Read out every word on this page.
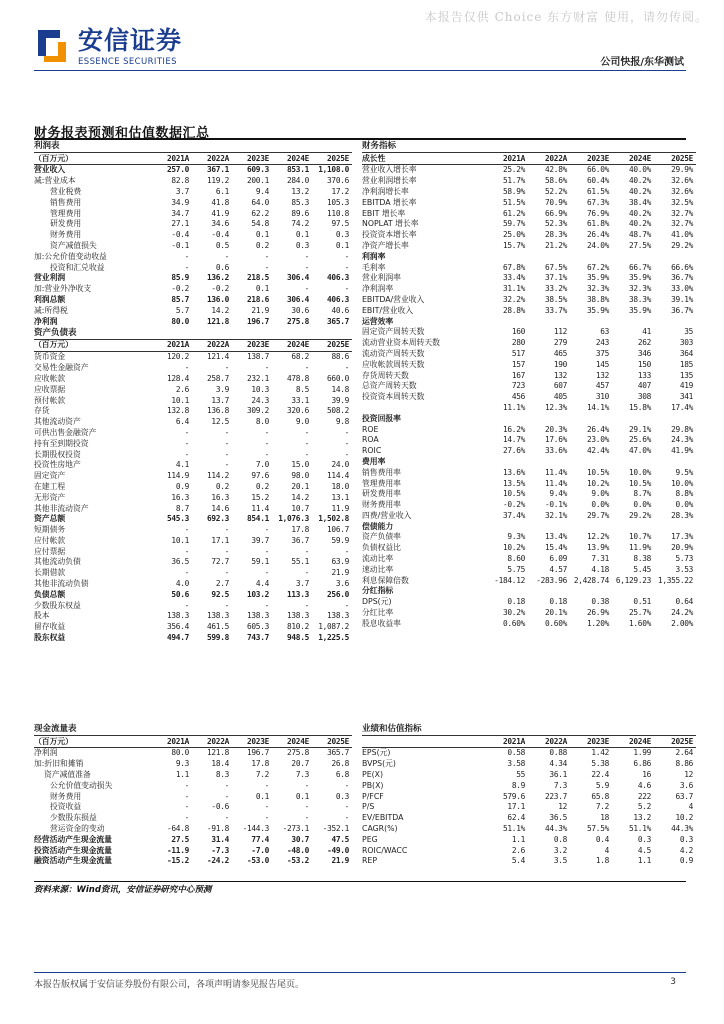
本报告仅供 Choice 东方财富 使用，请勿传阅。
安信证券
ESSENCE SECURITIES	公司快报/东华测试
财务报表预测和估值数据汇总
利润表					
（百万元）	2021A	2022A	2023E	2024E	2025E
营业收入	257.0	367.1	609.3	853.1	1,108.0
减:营业成本	82.8	119.2	200.1	284.0	370.6
营业税费	3.7	6.1	9.4	13.2	17.2
销售费用	34.9	41.8	64.0	85.3	105.3
管理费用	34.7	41.9	62.2	89.6	110.8
研发费用	27.1	34.6	54.8	74.2	97.5
财务费用	-0.4	-0.4	0.1	0.1	0.3
资产减值损失	-0.1	0.5	0.2	0.3	0.1
加:公允价值变动收益	-	-	-	-	-
投资和汇兑收益	-	0.6	-	-	-
营业利润	85.9	136.2	218.5	306.4	406.3
加:营业外净收支	-0.2	-0.2	0.1	-	-
利润总额	85.7	136.0	218.6	306.4	406.3
减:所得税	5.7	14.2	21.9	30.6	40.6
净利润	80.0	121.8	196.7	275.8	365.7
资产负债表					
（百万元）	2021A	2022A	2023E	2024E	2025E
货币资金	120.2	121.4	138.7	68.2	88.6
交易性金融资产	-	-	-	-	-
应收帐款	128.4	258.7	232.1	478.8	660.0
应收票据	2.6	3.9	10.3	8.5	14.8
预付帐款	10.1	13.7	24.3	33.1	39.9
存货	132.8	136.8	309.2	320.6	508.2
其他流动资产	6.4	12.5	8.0	9.0	9.8
可供出售金融资产	-	-	-	-	-
持有至到期投资	-	-	-	-	-
长期股权投资	-	-	-	-	-
投资性房地产	4.1	-	7.0	15.0	24.0
固定资产	114.9	114.2	97.6	98.0	114.4
在建工程	0.9	0.2	0.2	20.1	18.0
无形资产	16.3	16.3	15.2	14.2	13.1
其他非流动资产	8.7	14.6	11.4	10.7	11.9
资产总额	545.3	692.3	854.1	1,076.3	1,502.8
短期债务	-	-	-	17.8	106.7
应付帐款	10.1	17.1	39.7	36.7	59.9
应付票据	-	-	-	-	-
其他流动负债	36.5	72.7	59.1	55.1	63.9
长期借款	-	-	-	-	21.9
其他非流动负债	4.0	2.7	4.4	3.7	3.6
负债总额	50.6	92.5	103.2	113.3	256.0
少数股东权益	-	-	-	-	-
股本	138.3	138.3	138.3	138.3	138.3
留存收益	356.4	461.5	605.3	810.2	1,087.2
股东权益	494.7	599.8	743.7	948.5	1,225.5
财务指标					
成长性	2021A	2022A	2023E	2024E	2025E
营业收入增长率	25.2%	42.8%	66.0%	40.0%	29.9%
营业利润增长率	51.7%	58.6%	60.4%	40.2%	32.6%
净利润增长率	58.9%	52.2%	61.5%	40.2%	32.6%
EBITDA 增长率	51.5%	70.9%	67.3%	38.4%	32.5%
EBIT 增长率	61.2%	66.9%	76.9%	40.2%	32.7%
NOPLAT 增长率	59.7%	52.3%	61.8%	40.2%	32.7%
投资资本增长率	25.0%	28.3%	26.4%	48.7%	41.0%
净资产增长率	15.7%	21.2%	24.0%	27.5%	29.2%
利润率					
毛利率	67.8%	67.5%	67.2%	66.7%	66.6%
营业利润率	33.4%	37.1%	35.9%	35.9%	36.7%
净利润率	31.1%	33.2%	32.3%	32.3%	33.0%
EBITDA/营业收入	32.2%	38.5%	38.8%	38.3%	39.1%
EBIT/营业收入	28.8%	33.7%	35.9%	35.9%	36.7%
运营效率					
固定资产周转天数	160	112	63	41	35
流动营业资本周转天数	280	279	243	262	303
流动资产周转天数	517	465	375	346	364
应收帐款周转天数	157	190	145	150	185
存货周转天数	167	132	132	133	135
总资产周转天数	723	607	457	407	419
投资资本周转天数	456	405	310	308	341
	11.1%	12.3%	14.1%	15.8%	17.4%
投资回报率					
ROE	16.2%	20.3%	26.4%	29.1%	29.8%
ROA	14.7%	17.6%	23.0%	25.6%	24.3%
ROIC	27.6%	33.6%	42.4%	47.0%	41.9%
费用率					
销售费用率	13.6%	11.4%	10.5%	10.0%	9.5%
管理费用率	13.5%	11.4%	10.2%	10.5%	10.0%
研发费用率	10.5%	9.4%	9.0%	8.7%	8.8%
财务费用率	-0.2%	-0.1%	0.0%	0.0%	0.0%
四费/营业收入	37.4%	32.1%	29.7%	29.2%	28.3%
偿债能力					
资产负债率	9.3%	13.4%	12.2%	10.7%	17.3%
负债权益比	10.2%	15.4%	13.9%	11.9%	20.9%
流动比率	8.60	6.09	7.31	8.38	5.73
速动比率	5.75	4.57	4.18	5.45	3.53
利息保障倍数	-184.12	-283.96	2,428.74	6,129.23	1,355.22
分红指标					
DPS(元)	0.18	0.18	0.38	0.51	0.64
分红比率	30.2%	20.1%	26.9%	25.7%	24.2%
股息收益率	0.60%	0.60%	1.20%	1.60%	2.00%
现金流量表					
（百万元）	2021A	2022A	2023E	2024E	2025E
净利润	80.0	121.8	196.7	275.8	365.7
加:折旧和摊销	9.3	18.4	17.8	20.7	26.8
资产减值准备	1.1	8.3	7.2	7.3	6.8
公允价值变动损失	-	-	-	-	-
财务费用	-	-	0.1	0.1	0.3
投资收益	-	-0.6	-	-	-
少数股东损益	-	-	-	-	-
营运资金的变动	-64.8	-91.8	-144.3	-273.1	-352.1
经营活动产生现金流量	27.5	31.4	77.4	30.7	47.5
投资活动产生现金流量	-11.9	-7.3	-7.0	-48.0	-49.0
融资活动产生现金流量	-15.2	-24.2	-53.0	-53.2	21.9
业绩和估值指标					
	2021A	2022A	2023E	2024E	2025E
EPS(元)	0.58	0.88	1.42	1.99	2.64
BVPS(元)	3.58	4.34	5.38	6.86	8.86
PE(X)	55	36.1	22.4	16	12
PB(X)	8.9	7.3	5.9	4.6	3.6
P/FCF	579.6	223.7	65.8	222	63.7
P/S	17.1	12	7.2	5.2	4
EV/EBITDA	62.4	36.5	18	13.2	10.2
CAGR(%)	51.1%	44.3%	57.5%	51.1%	44.3%
PEG	1.1	0.8	0.4	0.3	0.3
ROIC/WACC	2.6	3.2	4	4.5	4.2
REP	5.4	3.5	1.8	1.1	0.9
资料来源：Wind资讯，安信证券研究中心预测
本报告版权属于安信证券股份有限公司，各项声明请参见报告尾页。	3
